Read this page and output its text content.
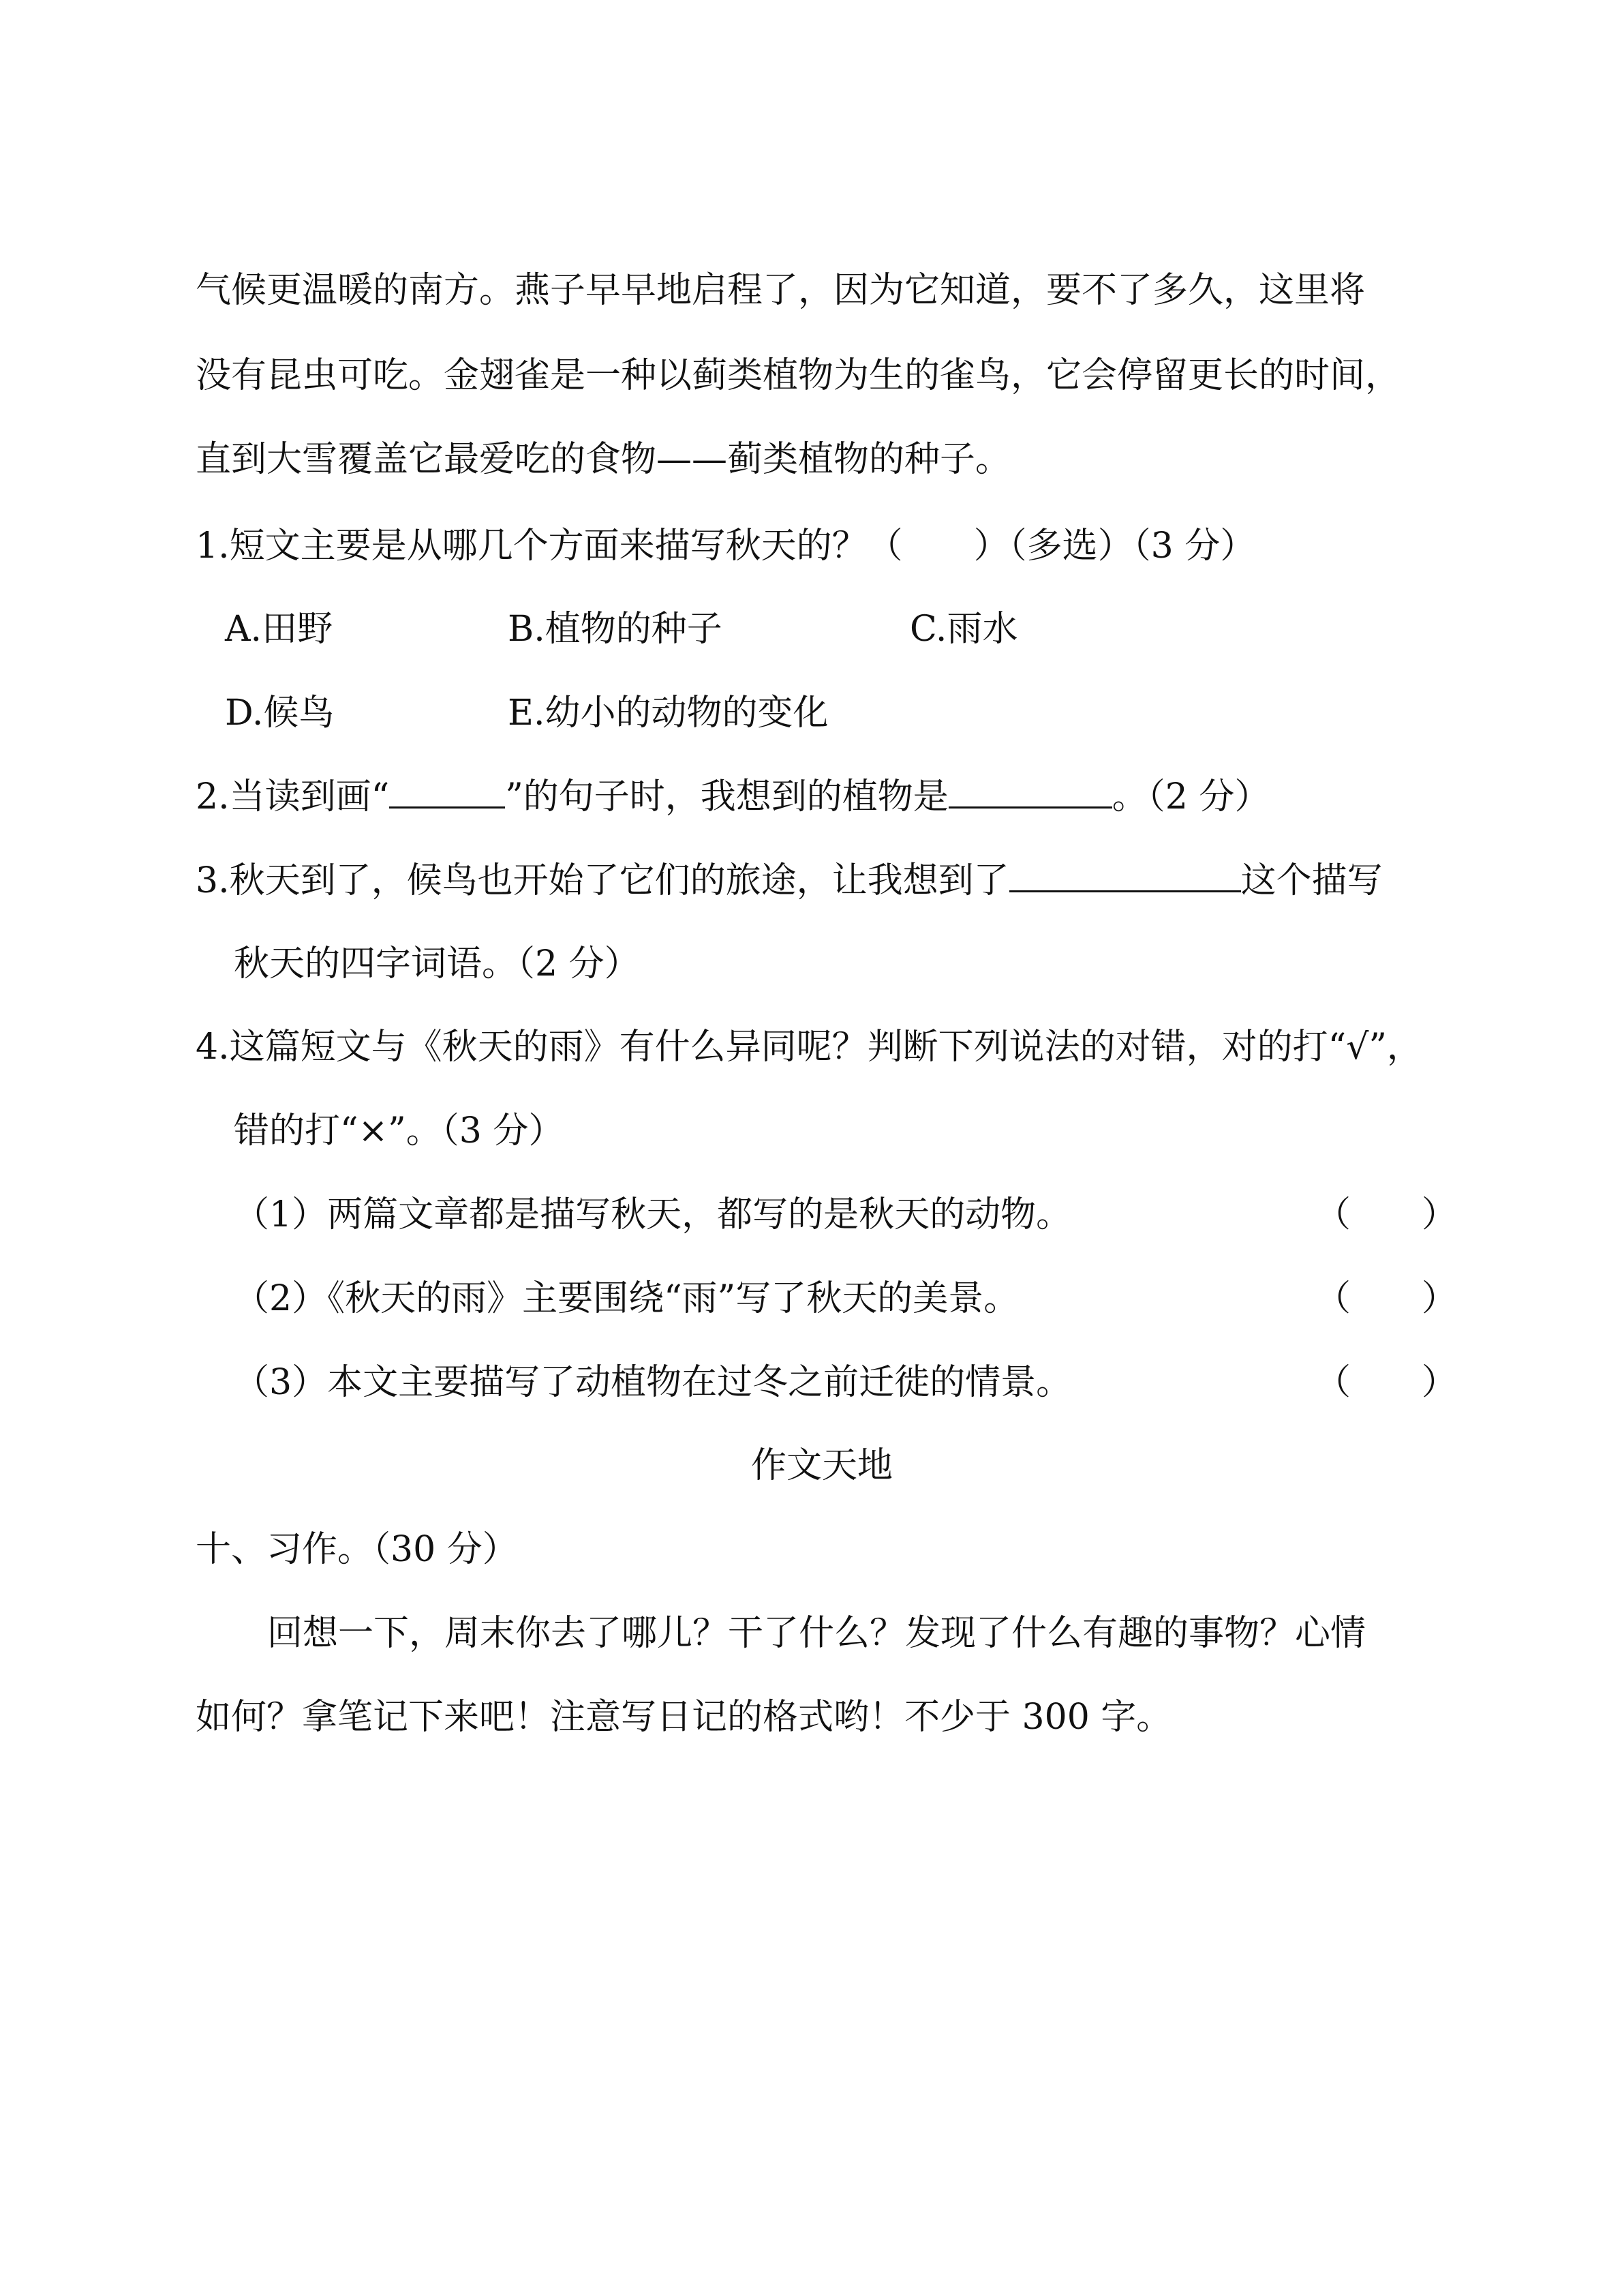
气候更温暖的南方。燕子早早地启程了，因为它知道，要不了多久，这里将
没有昆虫可吃。金翅雀是一种以蓟类植物为生的雀鸟，它会停留更长的时间，
直到大雪覆盖它最爱吃的食物——蓟类植物的种子。
1.短文主要是从哪几个方面来描写秋天的？（　　）（多选）（3 分）
A.田野	B.植物的种子	C.雨水
D.候鸟	E.幼小的动物的变化
2.当读到画“	”的句子时，我想到的植物是	。（2 分）
3.秋天到了，候鸟也开始了它们的旅途，让我想到了	这个描写
秋天的四字词语。（2 分）
4.这篇短文与《秋天的雨》有什么异同呢？判断下列说法的对错，对的打“√”，
错的打“×”。（3 分）
（1）两篇文章都是描写秋天，都写的是秋天的动物。	（　　）
（2）《秋天的雨》主要围绕“雨”写了秋天的美景。	（　　）
（3）本文主要描写了动植物在过冬之前迁徙的情景。	（　　）
作文天地
十、习作。（30 分）
回想一下，周末你去了哪儿？干了什么？发现了什么有趣的事物？心情
如何？拿笔记下来吧！注意写日记的格式哟！不少于 300 字。
